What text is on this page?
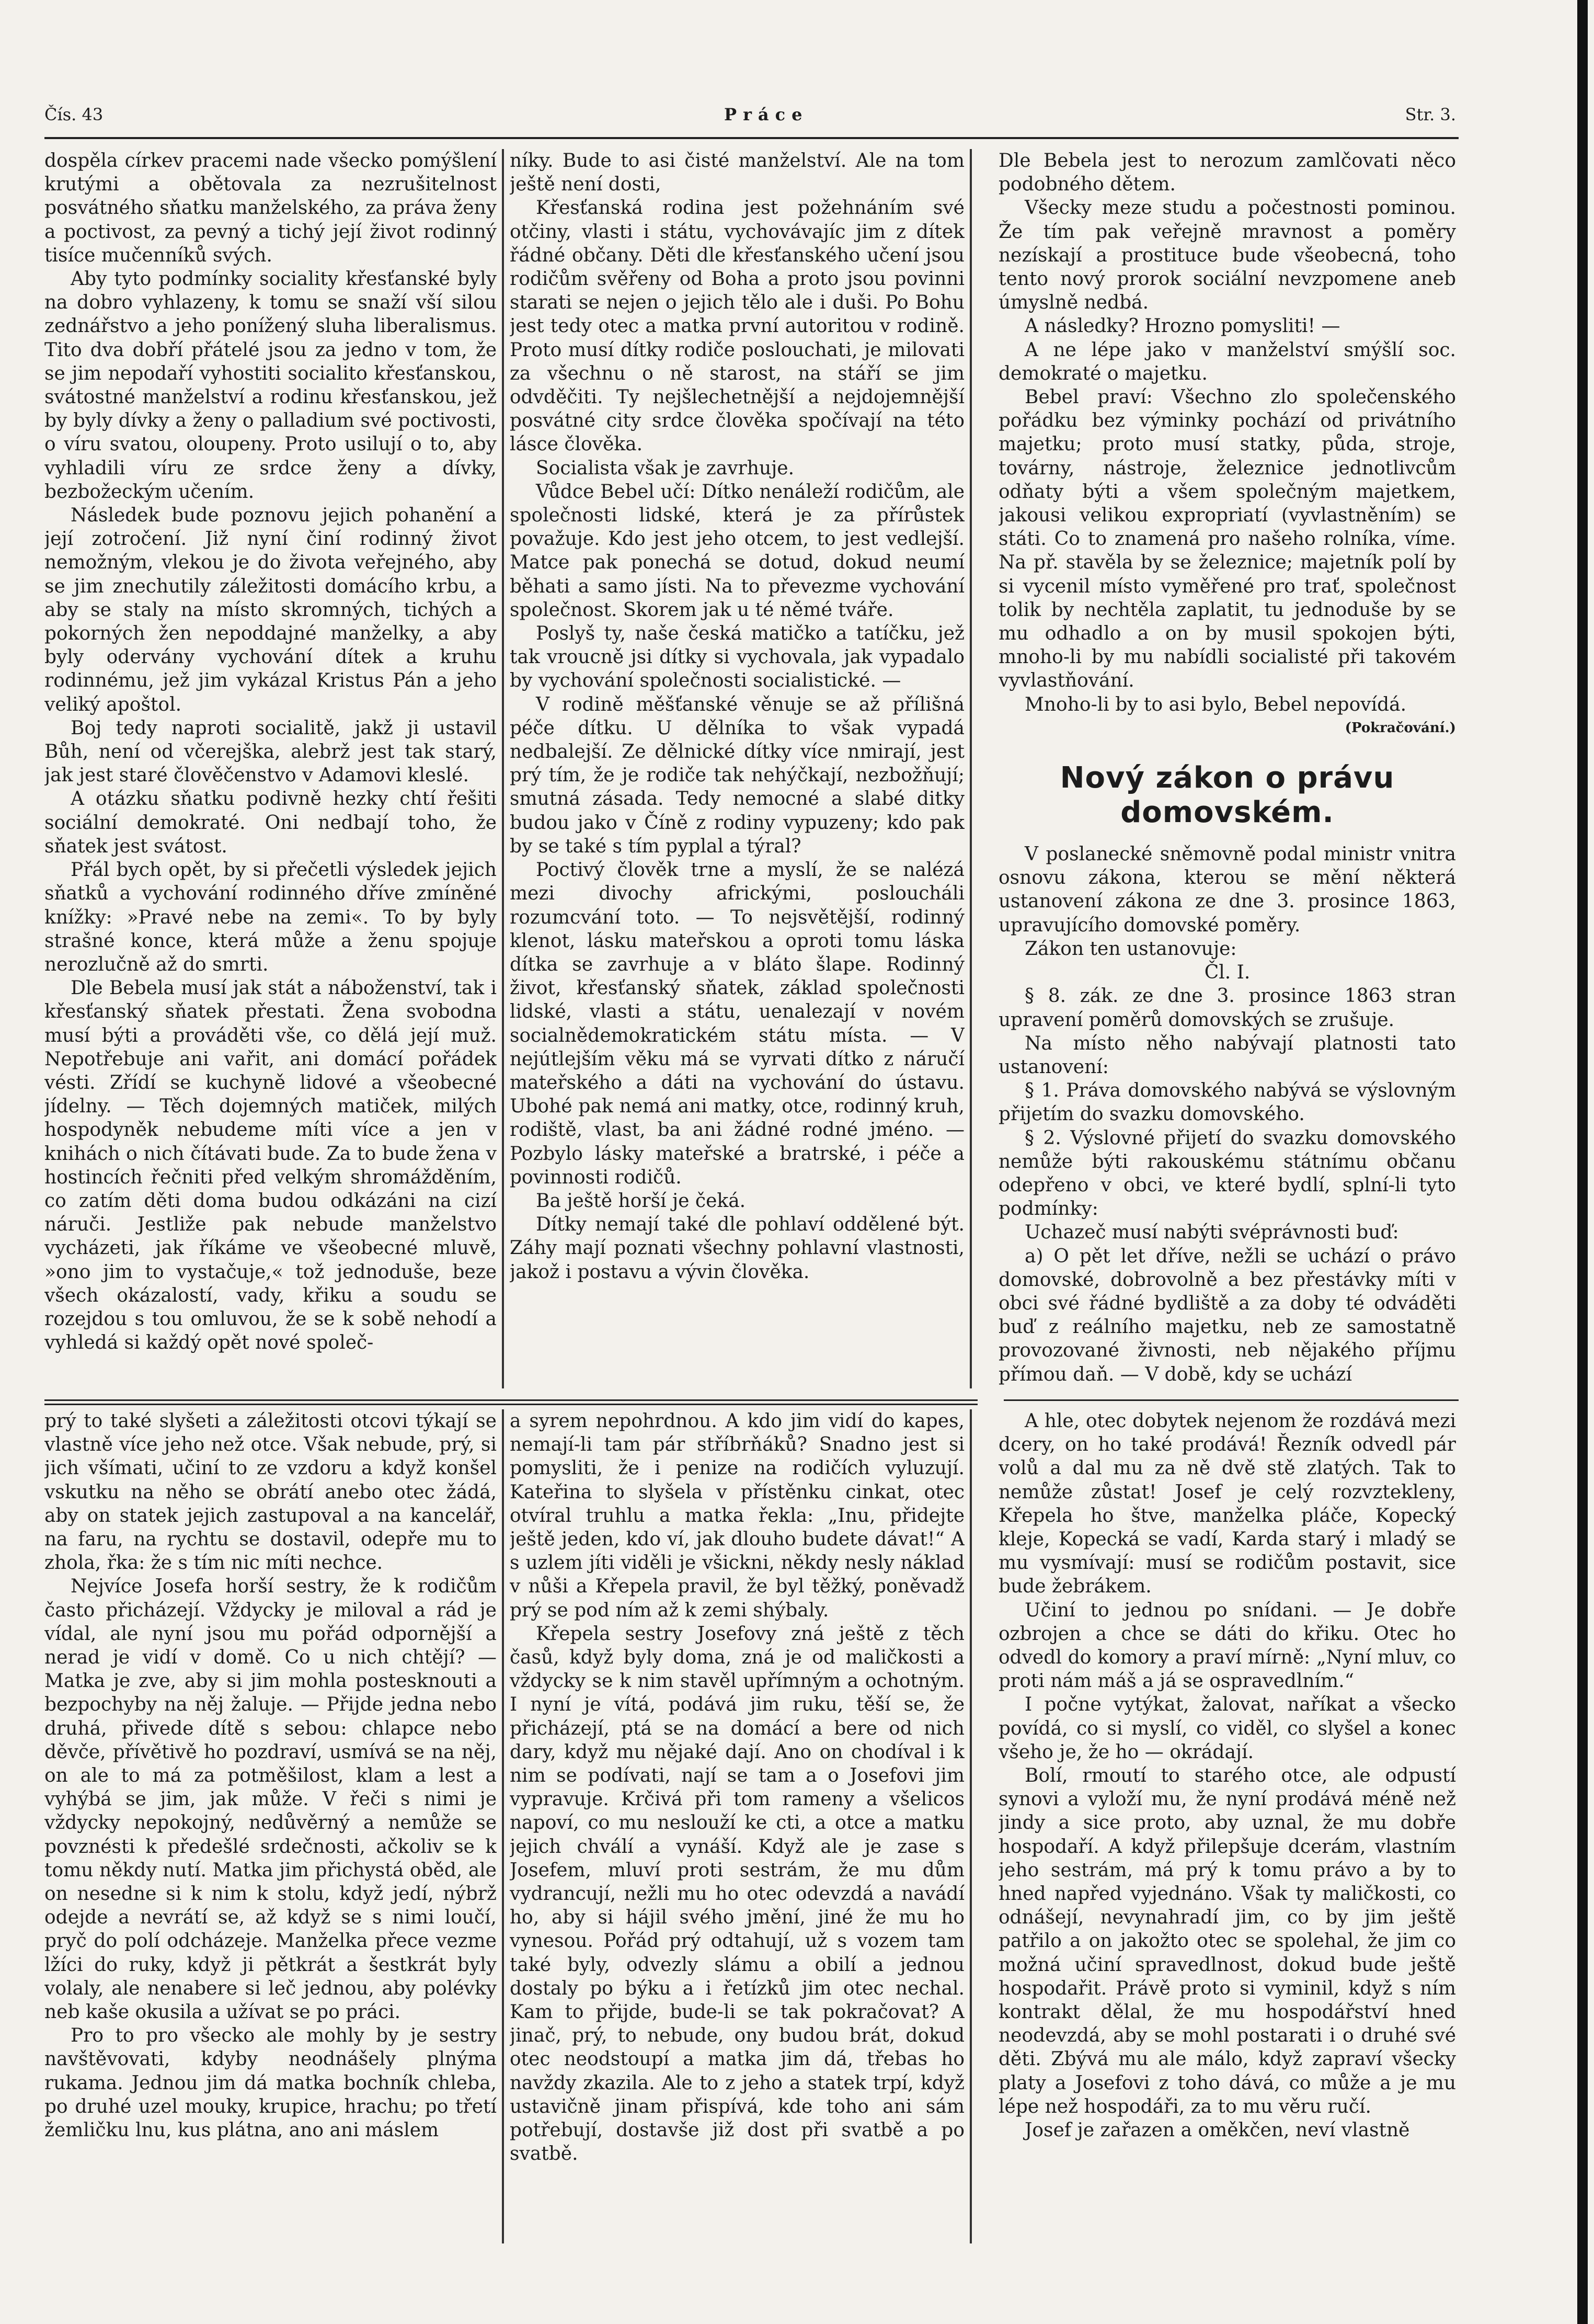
Čís. 43	Práce	Str. 3.

dospěla církev pracemi nade všecko pomýšlení krutými a obětovala za nezrušitelnost posvátného sňatku manželského, za práva ženy a poctivost, za pevný a tichý její život rodinný tisíce mučenníků svých.

Aby tyto podmínky sociality křesťanské byly na dobro vyhlazeny, k tomu se snaží vší silou zednářstvo a jeho ponížený sluha liberalismus. Tito dva dobří přátelé jsou za jedno v tom, že se jim nepodaří vyhostiti socialito křesťanskou, svátostné manželství a rodinu křesťanskou, jež by byly dívky a ženy o palladium své poctivosti, o víru svatou, oloupeny. Proto usilují o to, aby vyhladili víru ze srdce ženy a dívky, bezbožeckým učením.

Následek bude poznovu jejich pohanění a její zotročení. Již nyní činí rodinný život nemožným, vlekou je do života veřejného, aby se jim znechutily záležitosti domácího krbu, a aby se staly na místo skromných, tichých a pokorných žen nepoddajné manželky, a aby byly odervány vychování dítek a kruhu rodinnému, jež jim vykázal Kristus Pán a jeho veliký apoštol.

Boj tedy naproti socialitě, jakž ji ustavil Bůh, není od včerejška, alebrž jest tak starý, jak jest staré člověčenstvo v Adamovi kleslé.

A otázku sňatku podivně hezky chtí řešiti sociální demokraté. Oni nedbají toho, že sňatek jest svátost.

Přál bych opět, by si přečetli výsledek jejich sňatků a vychování rodinného dříve zmíněné knížky: »Pravé nebe na zemi«. To by byly strašné konce, která může a ženu spojuje nerozlučně až do smrti.

Dle Bebela musí jak stát a náboženství, tak i křesťanský sňatek přestati. Žena svobodna musí býti a prováděti vše, co dělá její muž. Nepotřebuje ani vařit, ani domácí pořádek vésti. Zřídí se kuchyně lidové a všeobecné jídelny. — Těch dojemných matiček, milých hospodyněk nebudeme míti více a jen v knihách o nich čítávati bude. Za to bude žena v hostincích řečniti před velkým shromážděním, co zatím děti doma budou odkázáni na cizí náruči. Jestliže pak nebude manželstvo vycházeti, jak říkáme ve všeobecné mluvě, »ono jim to vystačuje,« tož jednoduše, beze všech okázalostí, vady, křiku a soudu se rozejdou s tou omluvou, že se k sobě nehodí a vyhledá si každý opět nové společ-

níky. Bude to asi čisté manželství. Ale na tom ještě není dosti,

Křesťanská rodina jest požehnáním své otčiny, vlasti i státu, vychovávajíc jim z dítek řádné občany. Děti dle křesťanského učení jsou rodičům svěřeny od Boha a proto jsou povinni starati se nejen o jejich tělo ale i duši. Po Bohu jest tedy otec a matka první autoritou v rodině. Proto musí dítky rodiče poslouchati, je milovati za všechnu o ně starost, na stáří se jim odvděčiti. Ty nejšlechetnější a nejdojemnější posvátné city srdce člověka spočívají na této lásce člověka.

Socialista však je zavrhuje.

Vůdce Bebel učí: Dítko nenáleží rodičům, ale společnosti lidské, která je za přírůstek považuje. Kdo jest jeho otcem, to jest vedlejší. Matce pak ponechá se dotud, dokud neumí běhati a samo jísti. Na to převezme vychování společnost. Skorem jak u té němé tváře.

Poslyš ty, naše česká matičko a tatíčku, jež tak vroucně jsi dítky si vychovala, jak vypadalo by vychování společnosti socialistické. —

V rodině měšťanské věnuje se až přílišná péče dítku. U dělníka to však vypadá nedbalejší. Ze dělnické dítky více nmirají, jest prý tím, že je rodiče tak nehýčkají, nezbožňují; smutná zásada. Tedy nemocné a slabé ditky budou jako v Číně z rodiny vypuzeny; kdo pak by se také s tím pyplal a týral?

Poctivý člověk trne a myslí, že se nalézá mezi divochy africkými, posloucháli rozumcvání toto. — To nejsvětější, rodinný klenot, lásku mateřskou a oproti tomu láska dítka se zavrhuje a v bláto šlape. Rodinný život, křesťanský sňatek, základ společnosti lidské, vlasti a státu, uenalezají v novém socialnědemokratickém státu místa. — V nejútlejším věku má se vyrvati dítko z náručí mateřského a dáti na vychování do ústavu. Ubohé pak nemá ani matky, otce, rodinný kruh, rodiště, vlast, ba ani žádné rodné jméno. — Pozbylo lásky mateřské a bratrské, i péče a povinnosti rodičů.

Ba ještě horší je čeká.

Dítky nemají také dle pohlaví oddělené být. Záhy mají poznati všechny pohlavní vlastnosti, jakož i postavu a vývin člověka.

Dle Bebela jest to nerozum zamlčovati něco podobného dětem.

Všecky meze studu a počestnosti pominou. Že tím pak veřejně mravnost a poměry nezískají a prostituce bude všeobecná, toho tento nový prorok sociální nevzpomene aneb úmyslně nedbá.

A následky? Hrozno pomysliti! —

A ne lépe jako v manželství smýšlí soc. demokraté o majetku.

Bebel praví: Všechno zlo společenského pořádku bez výminky pochází od privátního majetku; proto musí statky, půda, stroje, továrny, nástroje, železnice jednotlivcům odňaty býti a všem společným majetkem, jakousi velikou expropriatí (vyvlastněním) se státi. Co to znamená pro našeho rolníka, víme. Na př. stavěla by se železnice; majetník polí by si vycenil místo vyměřené pro trať, společnost tolik by nechtěla zaplatit, tu jednoduše by se mu odhadlo a on by musil spokojen býti, mnoho-li by mu nabídli socialisté při takovém vyvlastňování.

Mnoho-li by to asi bylo, Bebel nepovídá.

(Pokračování.)

Nový zákon o právu domovském.

V poslanecké sněmovně podal ministr vnitra osnovu zákona, kterou se mění některá ustanovení zákona ze dne 3. prosince 1863, upravujícího domovské poměry.

Zákon ten ustanovuje:

Čl. I.

§ 8. zák. ze dne 3. prosince 1863 stran upravení poměrů domovských se zrušuje.

Na místo něho nabývají platnosti tato ustanovení:

§ 1. Práva domovského nabývá se výslovným přijetím do svazku domovského.

§ 2. Výslovné přijetí do svazku domovského nemůže býti rakouskému státnímu občanu odepřeno v obci, ve které bydlí, splní-li tyto podmínky:

Uchazeč musí nabýti svéprávnosti buď:

a) O pět let dříve, nežli se uchází o právo domovské, dobrovolně a bez přestávky míti v obci své řádné bydliště a za doby té odváděti buď z reálního majetku, neb ze samostatně provozované živnosti, neb nějakého příjmu přímou daň. — V době, kdy se uchází

prý to také slyšeti a záležitosti otcovi týkají se vlastně více jeho než otce. Však nebude, prý, si jich všímati, učiní to ze vzdoru a když konšel vskutku na něho se obrátí anebo otec žádá, aby on statek jejich zastupoval a na kancelář, na faru, na rychtu se dostavil, odepře mu to zhola, řka: že s tím nic míti nechce.

Nejvíce Josefa horší sestry, že k rodičům často přicházejí. Vždycky je miloval a rád je vídal, ale nyní jsou mu pořád odpornější a nerad je vidí v domě. Co u nich chtějí? — Matka je zve, aby si jim mohla postesknouti a bezpochyby na něj žaluje. — Přijde jedna nebo druhá, přivede dítě s sebou: chlapce nebo děvče, přívětivě ho pozdraví, usmívá se na něj, on ale to má za potměšilost, klam a lest a vyhýbá se jim, jak může. V řeči s nimi je vždycky nepokojný, nedůvěrný a nemůže se povznésti k předešlé srdečnosti, ačkoliv se k tomu někdy nutí. Matka jim přichystá oběd, ale on nesedne si k nim k stolu, když jedí, nýbrž odejde a nevrátí se, až když se s nimi loučí, pryč do polí odcházeje. Manželka přece vezme lžíci do ruky, když ji pětkrát a šestkrát byly volaly, ale nenabere si leč jednou, aby polévky neb kaše okusila a užívat se po práci.

Pro to pro všecko ale mohly by je sestry navštěvovati, kdyby neodnášely plnýma rukama. Jednou jim dá matka bochník chleba, po druhé uzel mouky, krupice, hrachu; po třetí žemličku lnu, kus plátna, ano ani máslem

a syrem nepohrdnou. A kdo jim vidí do kapes, nemají-li tam pár stříbrňáků? Snadno jest si pomysliti, že i penize na rodičích vyluzují. Kateřina to slyšela v přístěnku cinkat, otec otvíral truhlu a matka řekla: „Inu, přidejte ještě jeden, kdo ví, jak dlouho budete dávat!“ A s uzlem jíti viděli je všickni, někdy nesly náklad v nůši a Křepela pravil, že byl těžký, poněvadž prý se pod ním až k zemi shýbaly.

Křepela sestry Josefovy zná ještě z těch časů, když byly doma, zná je od maličkosti a vždycky se k nim stavěl upřímným a ochotným. I nyní je vítá, podává jim ruku, těší se, že přicházejí, ptá se na domácí a bere od nich dary, když mu nějaké dají. Ano on chodíval i k nim se podívati, nají se tam a o Josefovi jim vypravuje. Krčivá při tom rameny a všelicos napoví, co mu neslouží ke cti, a otce a matku jejich chválí a vynáší. Když ale je zase s Josefem, mluví proti sestrám, že mu dům vydrancují, nežli mu ho otec odevzdá a navádí ho, aby si hájil svého jmění, jiné že mu ho vynesou. Pořád prý odtahují, už s vozem tam také byly, odvezly slámu a obilí a jednou dostaly po býku a i řetízků jim otec nechal. Kam to přijde, bude-li se tak pokračovat? A jinač, prý, to nebude, ony budou brát, dokud otec neodstoupí a matka jim dá, třebas ho navždy zkazila. Ale to z jeho a statek trpí, když ustavičně jinam přispívá, kde toho ani sám potřebují, dostavše již dost při svatbě a po svatbě.

A hle, otec dobytek nejenom že rozdává mezi dcery, on ho také prodává! Řezník odvedl pár volů a dal mu za ně dvě stě zlatých. Tak to nemůže zůstat! Josef je celý rozvztekleny, Křepela ho štve, manželka pláče, Kopecký kleje, Kopecká se vadí, Karda starý i mladý se mu vysmívají: musí se rodičům postavit, sice bude žebrákem.

Učiní to jednou po snídani. — Je dobře ozbrojen a chce se dáti do křiku. Otec ho odvedl do komory a praví mírně: „Nyní mluv, co proti nám máš a já se ospravedlním.“

I počne vytýkat, žalovat, naříkat a všecko povídá, co si myslí, co viděl, co slyšel a konec všeho je, že ho — okrádají.

Bolí, rmoutí to starého otce, ale odpustí synovi a vyloží mu, že nyní prodává méně než jindy a sice proto, aby uznal, že mu dobře hospodaří. A když přilepšuje dcerám, vlastním jeho sestrám, má prý k tomu právo a by to hned napřed vyjednáno. Však ty maličkosti, co odnášejí, nevynahradí jim, co by jim ještě patřilo a on jakožto otec se spolehal, že jim co možná učiní spravedlnost, dokud bude ještě hospodařit. Právě proto si vyminil, když s ním kontrakt dělal, že mu hospodářství hned neodevzdá, aby se mohl postarati i o druhé své děti. Zbývá mu ale málo, když zapraví všecky platy a Josefovi z toho dává, co může a je mu lépe než hospodáři, za to mu věru ručí.

Josef je zařazen a oměkčen, neví vlastně
